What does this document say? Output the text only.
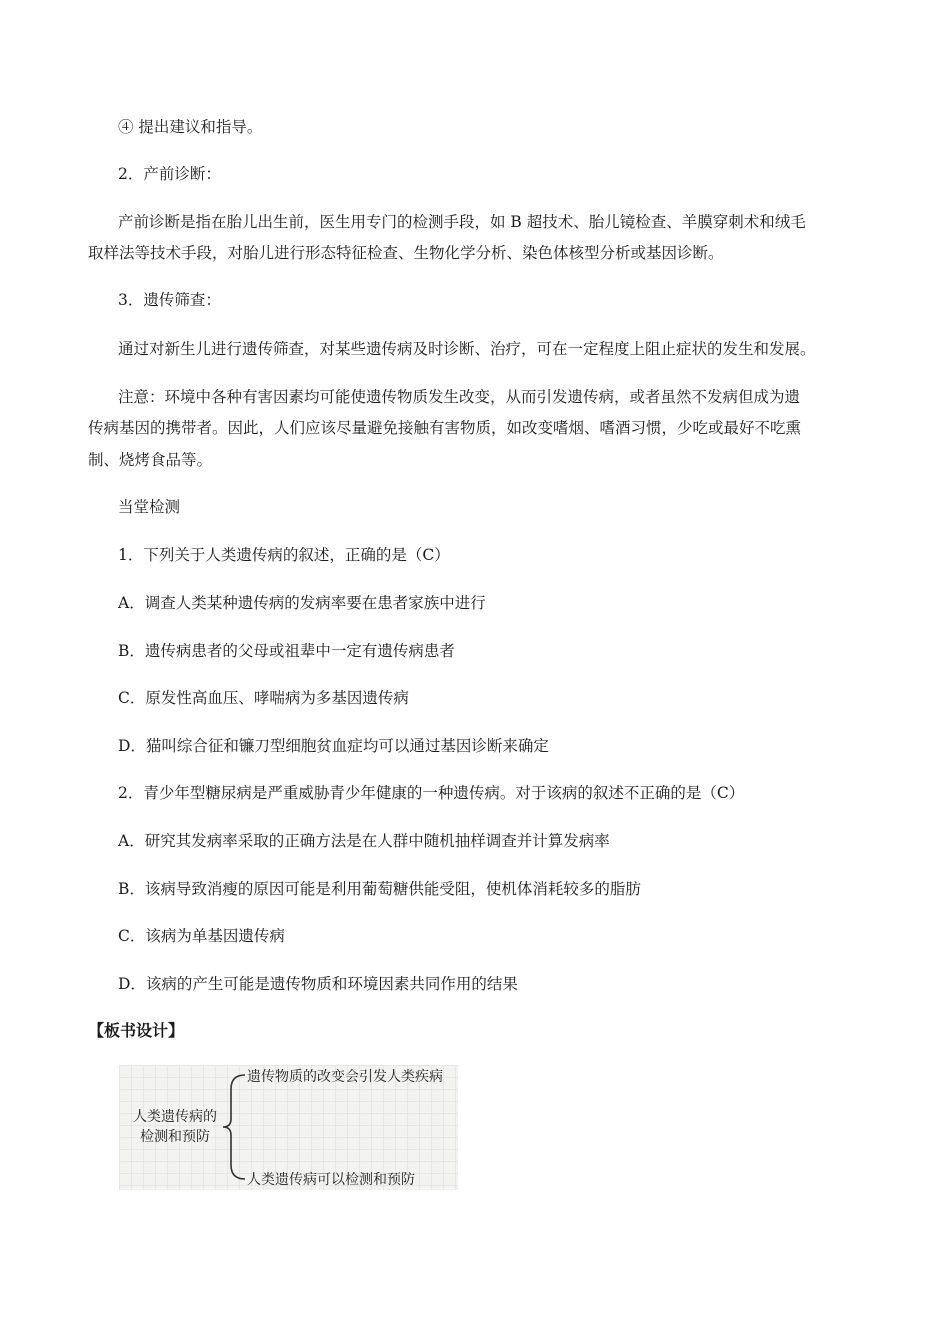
④ 提出建议和指导。
2．产前诊断：
产前诊断是指在胎儿出生前，医生用专门的检测手段，如 B 超技术、胎儿镜检查、羊膜穿刺术和绒毛
取样法等技术手段，对胎儿进行形态特征检查、生物化学分析、染色体核型分析或基因诊断。
3．遗传筛查：
通过对新生儿进行遗传筛查，对某些遗传病及时诊断、治疗，可在一定程度上阻止症状的发生和发展。
注意：环境中各种有害因素均可能使遗传物质发生改变，从而引发遗传病，或者虽然不发病但成为遗
传病基因的携带者。因此，人们应该尽量避免接触有害物质，如改变嗜烟、嗜酒习惯，少吃或最好不吃熏
制、烧烤食品等。
当堂检测
1．下列关于人类遗传病的叙述，正确的是（C）
A．调查人类某种遗传病的发病率要在患者家族中进行
B．遗传病患者的父母或祖辈中一定有遗传病患者
C．原发性高血压、哮喘病为多基因遗传病
D．猫叫综合征和镰刀型细胞贫血症均可以通过基因诊断来确定
2．青少年型糖尿病是严重威胁青少年健康的一种遗传病。对于该病的叙述不正确的是（C）
A．研究其发病率采取的正确方法是在人群中随机抽样调查并计算发病率
B．该病导致消瘦的原因可能是利用葡萄糖供能受阻，使机体消耗较多的脂肪
C．该病为单基因遗传病
D．该病的产生可能是遗传物质和环境因素共同作用的结果
【板书设计】
人类遗传病的
检测和预防
遗传物质的改变会引发人类疾病
人类遗传病可以检测和预防
